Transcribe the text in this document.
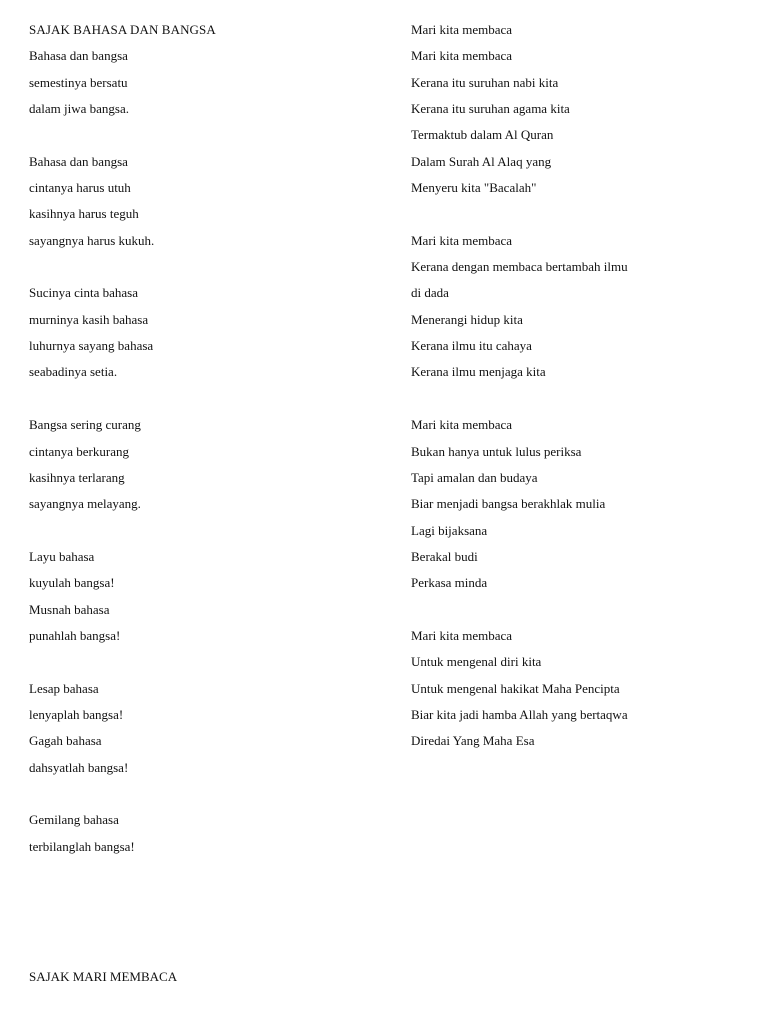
SAJAK BAHASA DAN BANGSA
Bahasa dan bangsa
semestinya bersatu
dalam jiwa bangsa.
Bahasa dan bangsa
cintanya harus utuh
kasihnya harus teguh
sayangnya harus kukuh.
Sucinya cinta bahasa
murninya kasih bahasa
luhurnya sayang bahasa
seabadinya setia.
Bangsa sering curang
cintanya berkurang
kasihnya terlarang
sayangnya melayang.
Layu bahasa
kuyulah bangsa!
Musnah bahasa
punahlah bangsa!
Lesap bahasa
lenyaplah bangsa!
Gagah bahasa
dahsyatlah bangsa!
Gemilang bahasa
terbilanglah bangsa!
Mari kita membaca
Mari kita membaca
Kerana itu suruhan nabi kita
Kerana itu suruhan agama kita
Termaktub dalam Al Quran
Dalam Surah Al Alaq yang
Menyeru kita "Bacalah"
Mari kita membaca
Kerana dengan membaca bertambah ilmu
di dada
Menerangi hidup kita
Kerana ilmu itu cahaya
Kerana ilmu menjaga kita
Mari kita membaca
Bukan hanya untuk lulus periksa
Tapi amalan dan budaya
Biar menjadi bangsa berakhlak mulia
Lagi bijaksana
Berakal budi
Perkasa minda
Mari kita membaca
Untuk mengenal diri kita
Untuk mengenal hakikat Maha Pencipta
Biar kita jadi hamba Allah yang bertaqwa
Diredai Yang Maha Esa
SAJAK MARI MEMBACA
